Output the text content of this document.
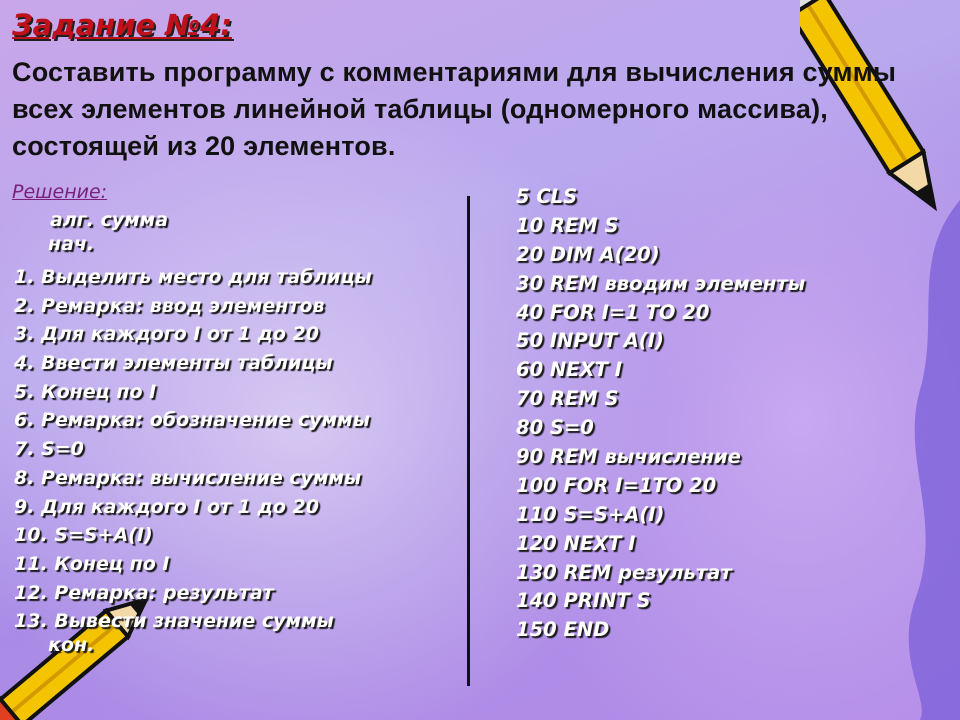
Задание №4:

Составить программу с комментариями для вычисления суммы всех элементов линейной таблицы (одномерного массива), состоящей из 20 элементов.

Решение:

алг. сумма

нач.

1. Выделить место для таблицы
2. Ремарка: ввод элементов
3. Для каждого I от 1 до 20
4. Ввести элементы таблицы
5. Конец по I
6. Ремарка: обозначение суммы
7. S=0
8. Ремарка: вычисление суммы
9. Для каждого I от 1 до 20
10. S=S+A(I)
11. Конец по I
12. Ремарка: результат
13. Вывести значение суммы

кон.

5 CLS
10 REM S
20 DIM A(20)
30 REM вводим элементы
40 FOR I=1 TO 20
50 INPUT A(I)
60 NEXT I
70 REM S
80 S=0
90 REM вычисление
100 FOR I=1TO 20
110 S=S+A(I)
120 NEXT I
130 REM результат
140 PRINT S
150 END
